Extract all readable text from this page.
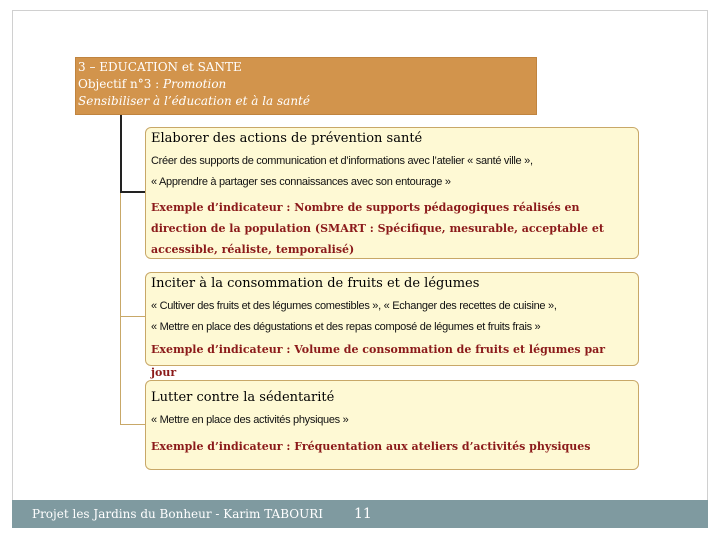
3 – EDUCATION et SANTE
Objectif n°3 : Promotion
Sensibiliser à l’éducation et à la santé
Elaborer des actions de prévention santé
Créer des supports de communication et d’informations avec l’atelier « santé ville »,
« Apprendre à partager ses connaissances avec son entourage »
Exemple d’indicateur : Nombre de supports pédagogiques réalisés en direction de la population (SMART : Spécifique, mesurable, acceptable et accessible, réaliste, temporalisé)
Inciter à la consommation de fruits et de légumes
« Cultiver des fruits et des légumes comestibles », « Echanger des recettes de cuisine »,
« Mettre en place des dégustations et des repas composé de légumes et fruits frais »
Exemple d’indicateur : Volume de consommation de fruits et légumes par jour
Lutter contre la sédentarité
« Mettre en place des activités physiques »
Exemple d’indicateur : Fréquentation aux ateliers d’activités physiques
Projet les Jardins du Bonheur - Karim TABOURI 11
